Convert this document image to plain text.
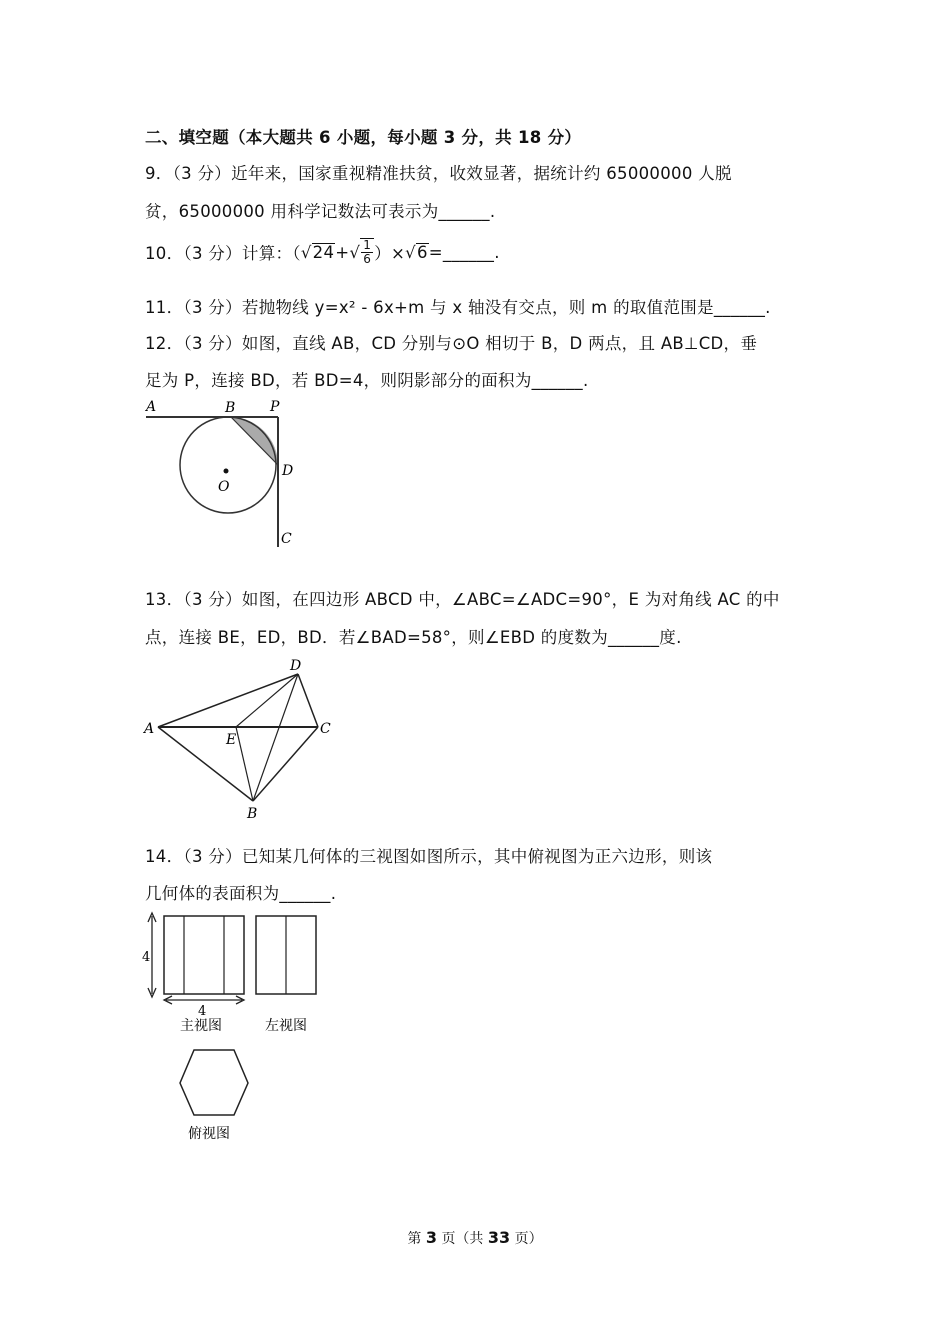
二、填空题（本大题共 6 小题，每小题 3 分，共 18 分）
9．（3 分）近年来，国家重视精准扶贫，收效显著，据统计约 65000000 人脱
贫，65000000 用科学记数法可表示为______.
10．（3 分）计算：（ √ 24 + √ $\frac{1}{6}$ ）× √ 6 =______.
11．（3 分）若抛物线 y=x² - 6x+m 与 x 轴没有交点，则 m 的取值范围是______.
12．（3 分）如图，直线 AB，CD 分别与⊙O 相切于 B，D 两点，且 AB⊥CD，垂
足为 P，连接 BD，若 BD=4，则阴影部分的面积为______.
A	B P
D
O
C
13．（3 分）如图，在四边形 ABCD 中，∠ABC=∠ADC=90°，E 为对角线 AC 的中
点，连接 BE，ED，BD．若∠BAD=58°，则∠EBD 的度数为______度.
A
D
C
E
B
14．（3 分）已知某几何体的三视图如图所示，其中俯视图为正六边形，则该
几何体的表面积为______.
4
4
主视图	左视图
俯视图
第 3 页（共 33 页）
